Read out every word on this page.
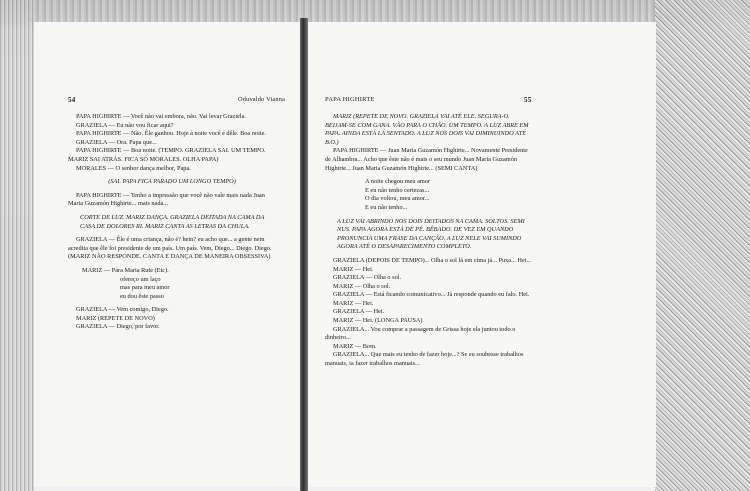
54	Oduvaldo Vianna

PAPA HIGHIRTE — Você não vai embora, não. Vai levar Graziela.

GRAZIELA — Eu não vou ficar aqui?

PAPA HIGHIRTE — Não. Êle ganhou. Hoje à noite você é dêle. Boa noite.

GRAZIELA — Ora. Papa que...

PAPA HIGHIRTE — Boa noite. (TEMPO. GRAZIELA SAI. UM TEMPO. MARIZ SAI ATRÁS. FICA SÓ MORALES. OLHA PAPA)

MORALES — O senhor dança melhor, Papa.

(SAI. PAPA FICA PARADO UM LONGO TEMPO)

PAPA HIGHIRTE — Tenho a impressão que você não vale mais nada Juan Maria Guzamón Highirte... mais nada...

CORTE DE LUZ. MARIZ DANÇA. GRAZIELA DEITADA NA CAMA DA CASA DE DOLORES RI. MARIZ CANTA AS LETRAS DA CHULA.

GRAZIELA — Êle é uma criança, não é? hein? eu acho que... a gente nem acredita que êle foi presidente de um país. Um país. Vem, Diego... Diego. Diego. (MARIZ NÃO RESPONDE. CANTA E DANÇA DE MANEIRA OBSESSIVA)

MARIZ — Pára Maria Rute (Etc).

ofereço um laço

mas para meu amor

eu dou êste passo

GRAZIELA — Vem comigo, Diego.

MARIZ (REPETE DE NOVO)

GRAZIELA — Diego, por favor.

PAPA HIGHIRTE	55

MARIZ (REPETE DE NOVO. GRAZIELA VAI ATÉ ELE. SEGURA-O. BEIJAM-SE COM GANA. VÃO PARA O CHÃO. UM TEMPO. A LUZ ABRE EM PAPA. AINDA ESTÁ LÁ SENTADO. A LUZ NOS DOIS VAI DIMINUINDO ATÉ B.O.)

PAPA HIGHIRTE — Juan Maria Guzamón Highirte... Novamente Presidente de Alhambra... Acho que êste não é mais o seu mundo Juan Maria Guzamón Highirte... Juan Maria Guzamón Highirte... (SEMI CANTA)

A noite chegou meu amor

E eu não tenho certezas...

O dia voltou, meu amor...

E eu não tenho...

A LUZ VAI ABRINDO NOS DOIS DEITADOS NA CAMA. SOLTOS. SEMI NUS. PAPA AGORA ESTÁ DE PÉ. BÊBADO. DE VEZ EM QUANDO PRONUNCIA UMA FRASE DA CANÇÃO. A LUZ NELE VAI SUMINDO AGORA ATÉ O DESAPARECIMENTO COMPLETO.

GRAZIELA (DEPOIS DE TEMPO)... Olha o sol lá em cima já... Puxa... Hei...

MARIZ — Hei.

GRAZIELA — Olha o sol.

MARIZ — Olha o sol.

GRAZIELA — Está ficando comunicativo... Já responde quando eu falo. Hei.

MARIZ — Hei.

GRAZIELA — Hei.

MARIZ — Hei. (LONGA PAUSA)

GRAZIELA... Vou comprar a passagem de Grissa hoje ela juntou todo o dinheiro...

MARIZ — Bom.

GRAZIELA... Que mais eu tenho de fazer hoje...? Se eu soubesse trabalhos manuais, ia fazer trabalhos manuais...
